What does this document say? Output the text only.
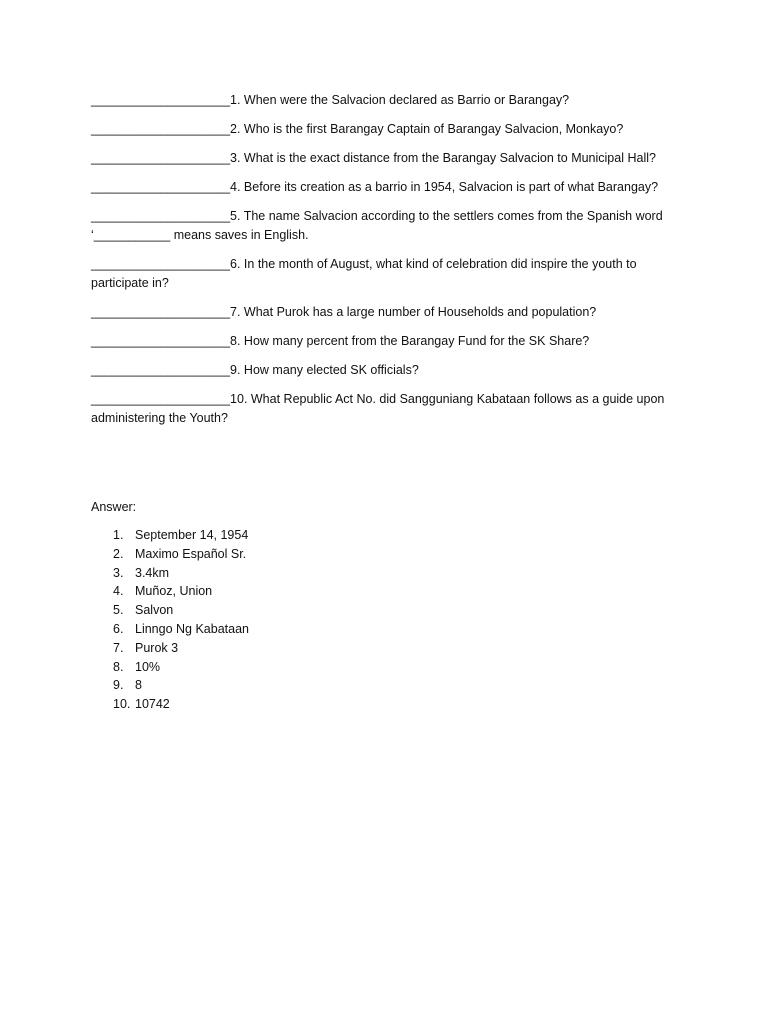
____________________1. When were the Salvacion declared as Barrio or Barangay?

____________________2. Who is the first Barangay Captain of Barangay Salvacion, Monkayo?

____________________3. What is the exact distance from the Barangay Salvacion to Municipal Hall?

____________________4. Before its creation as a barrio in 1954, Salvacion is part of what Barangay?

____________________5. The name Salvacion according to the settlers comes from the Spanish word ‘___________ means saves in English.

____________________6. In the month of August, what kind of celebration did inspire the youth to participate in?

____________________7. What Purok has a large number of Households and population?

____________________8. How many percent from the Barangay Fund for the SK Share?

____________________9. How many elected SK officials?

____________________10. What Republic Act No. did Sangguniang Kabataan follows as a guide upon administering the Youth?

Answer:
1. September 14, 1954
2. Maximo Español Sr.
3. 3.4km
4. Muñoz, Union
5. Salvon
6. Linngo Ng Kabataan
7. Purok 3
8. 10%
9. 8
10. 10742
